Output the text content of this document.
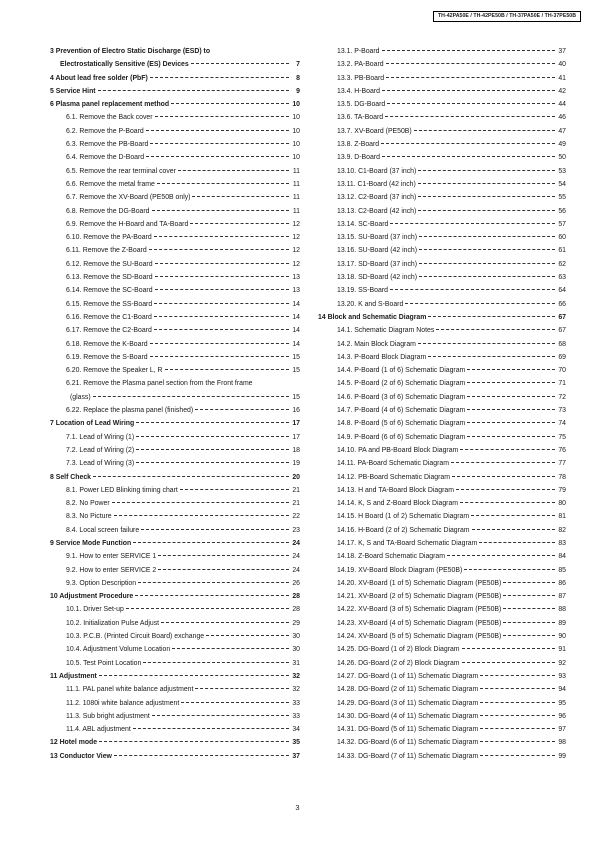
TH-42PA50E / TH-42PE50B / TH-37PA50E / TH-37PE50B
3 Prevention of Electro Static Discharge (ESD) to
Electrostatically Sensitive (ES) Devices	7
4 About lead free solder (PbF)	8
5 Service Hint	9
6 Plasma panel replacement method	10
6.1. Remove the Back cover	10
6.2. Remove the P-Board	10
6.3. Remove the PB-Board	10
6.4. Remove the D-Board	10
6.5. Remove the rear terminal cover	11
6.6. Remove the metal frame	11
6.7. Remove the XV-Board (PE50B only)	11
6.8. Remove the DG-Board	11
6.9. Remove the H-Board and TA-Board	12
6.10. Remove the PA-Board	12
6.11. Remove the Z-Board	12
6.12. Remove the SU-Board	12
6.13. Remove the SD-Board	13
6.14. Remove the SC-Board	13
6.15. Remove the SS-Board	14
6.16. Remove the C1-Board	14
6.17. Remove the C2-Board	14
6.18. Remove the K-Board	14
6.19. Remove the S-Board	15
6.20. Remove the Speaker L, R	15
6.21. Remove the Plasma panel section from the Front frame
(glass)	15
6.22. Replace the plasma panel (finished)	16
7 Location of Lead Wiring	17
7.1. Lead of Wiring (1)	17
7.2. Lead of Wiring (2)	18
7.3. Lead of Wiring (3)	19
8 Self Check	20
8.1. Power LED Blinking timing chart	21
8.2. No Power	21
8.3. No Picture	22
8.4. Local screen failure	23
9 Service Mode Function	24
9.1. How to enter SERVICE 1	24
9.2. How to enter SERVICE 2	24
9.3. Option Description	26
10 Adjustment Procedure	28
10.1. Driver Set-up	28
10.2. Initialization Pulse Adjust	29
10.3. P.C.B. (Printed Circuit Board) exchange	30
10.4. Adjustment Volume Location	30
10.5. Test Point Location	31
11 Adjustment	32
11.1. PAL panel white balance adjustment	32
11.2. 1080i white balance adjustment	33
11.3. Sub bright adjustment	33
11.4. ABL adjustment	34
12 Hotel mode	35
13 Conductor View	37
13.1. P-Board	37
13.2. PA-Board	40
13.3. PB-Board	41
13.4. H-Board	42
13.5. DG-Board	44
13.6. TA-Board	46
13.7. XV-Board (PE50B)	47
13.8. Z-Board	49
13.9. D-Board	50
13.10. C1-Board (37 inch)	53
13.11. C1-Board (42 inch)	54
13.12. C2-Board (37 inch)	55
13.13. C2-Board (42 inch)	56
13.14. SC-Board	57
13.15. SU-Board (37 inch)	60
13.16. SU-Board (42 inch)	61
13.17. SD-Board (37 inch)	62
13.18. SD-Board (42 inch)	63
13.19. SS-Board	64
13.20. K and S-Board	66
14 Block and Schematic Diagram	67
14.1. Schematic Diagram Notes	67
14.2. Main Block Diagram	68
14.3. P-Board Block Diagram	69
14.4. P-Board (1 of 6) Schematic Diagram	70
14.5. P-Board (2 of 6) Schematic Diagram	71
14.6. P-Board (3 of 6) Schematic Diagram	72
14.7. P-Board (4 of 6) Schematic Diagram	73
14.8. P-Board (5 of 6) Schematic Diagram	74
14.9. P-Board (6 of 6) Schematic Diagram	75
14.10. PA and PB-Board Block Diagram	76
14.11. PA-Board Schematic Diagram	77
14.12. PB-Board Schematic Diagram	78
14.13. H and TA-Board Block Diagram	79
14.14. K, S and Z-Board Block Diagram	80
14.15. H Board (1 of 2) Schematic Diagram	81
14.16. H-Board (2 of 2) Schematic Diagram	82
14.17. K, S and TA-Board Schematic Diagram	83
14.18. Z-Board Schematic Diagram	84
14.19. XV-Board Block Diagram (PE50B)	85
14.20. XV-Board (1 of 5) Schematic Diagram (PE50B)	86
14.21. XV-Board (2 of 5) Schematic Diagram (PE50B)	87
14.22. XV-Board (3 of 5) Schematic Diagram (PE50B)	88
14.23. XV-Board (4 of 5) Schematic Diagram (PE50B)	89
14.24. XV-Board (5 of 5) Schematic Diagram (PE50B)	90
14.25. DG-Board (1 of 2) Block Diagram	91
14.26. DG-Board (2 of 2) Block Diagram	92
14.27. DG-Board (1 of 11) Schematic Diagram	93
14.28. DG-Board (2 of 11) Schematic Diagram	94
14.29. DG-Board (3 of 11) Schematic Diagram	95
14.30. DG-Board (4 of 11) Schematic Diagram	96
14.31. DG-Board (5 of 11) Schematic Diagram	97
14.32. DG-Board (6 of 11) Schematic Diagram	98
14.33. DG-Board (7 of 11) Schematic Diagram	99
3
